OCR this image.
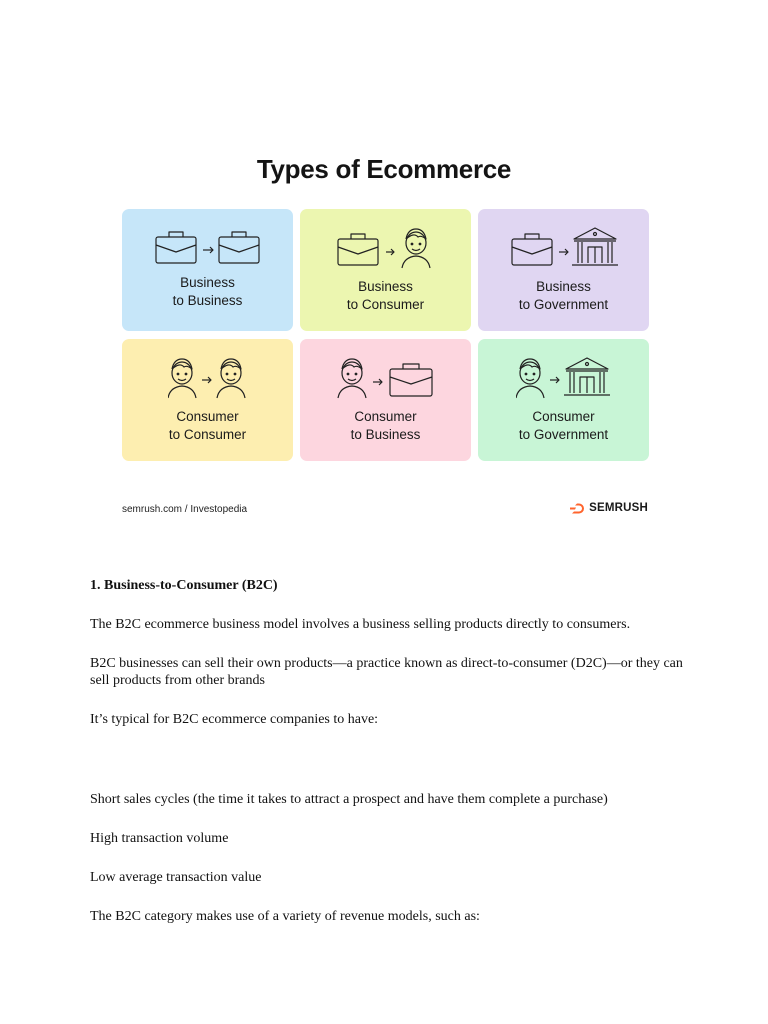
Types of Ecommerce
Business
to Business
Business
to Consumer
Business
to Government
Consumer
to Consumer
Consumer
to Business
Consumer
to Government
semrush.com / Investopedia	SEMRUSH

1. Business-to-Consumer (B2C)

The B2C ecommerce business model involves a business selling products directly to consumers.

B2C businesses can sell their own products—a practice known as direct-to-consumer (D2C)—or they can sell products from other brands

It’s typical for B2C ecommerce companies to have:

Short sales cycles (the time it takes to attract a prospect and have them complete a purchase)

High transaction volume

Low average transaction value

The B2C category makes use of a variety of revenue models, such as:
